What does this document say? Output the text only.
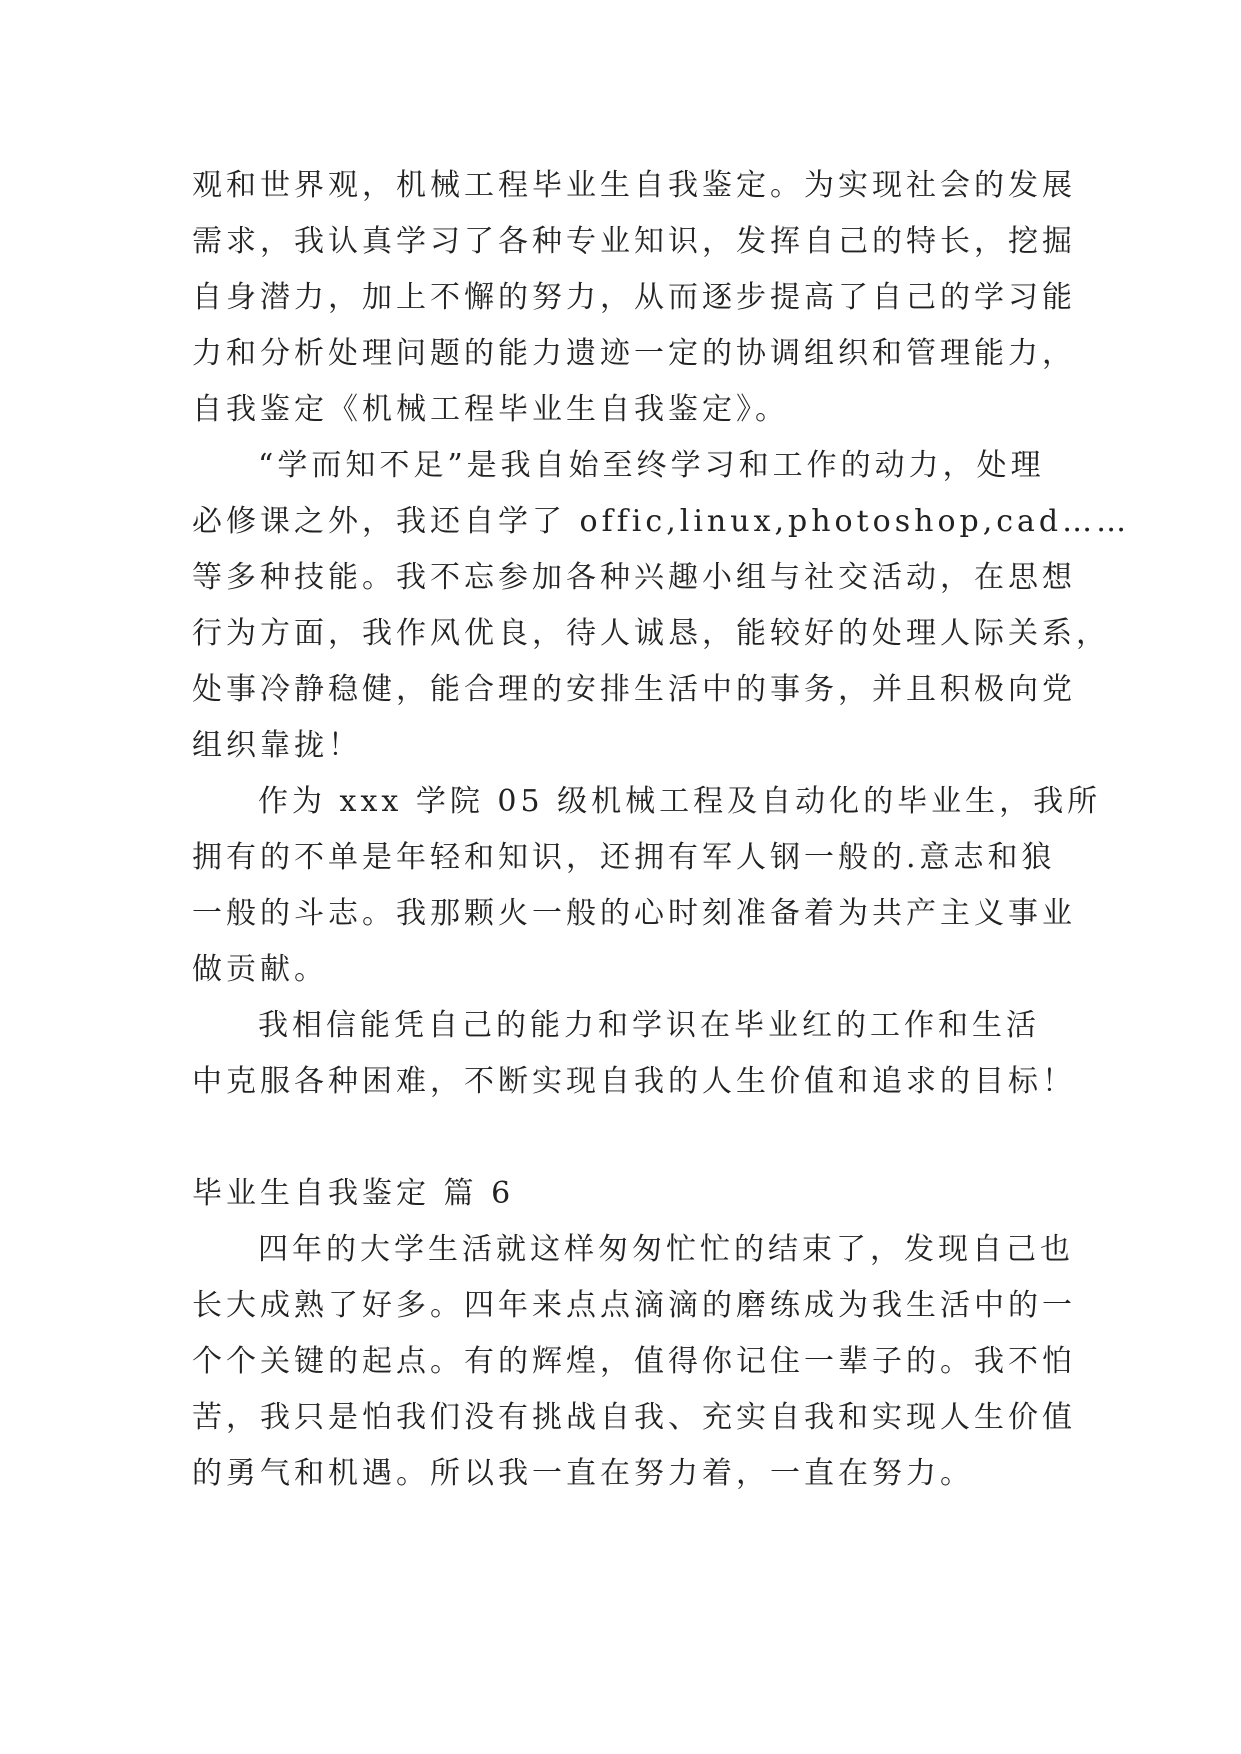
观和世界观，机械工程毕业生自我鉴定。为实现社会的发展
需求，我认真学习了各种专业知识，发挥自己的特长，挖掘
自身潜力，加上不懈的努力，从而逐步提高了自己的学习能
力和分析处理问题的能力遗迹一定的协调组织和管理能力，
自我鉴定《机械工程毕业生自我鉴定》。
“学而知不足”是我自始至终学习和工作的动力，处理
必修课之外，我还自学了 offic,linux,photoshop,cad……
等多种技能。我不忘参加各种兴趣小组与社交活动，在思想
行为方面，我作风优良，待人诚恳，能较好的处理人际关系，
处事冷静稳健，能合理的安排生活中的事务，并且积极向党
组织靠拢！
作为 xxx 学院 05 级机械工程及自动化的毕业生，我所
拥有的不单是年轻和知识，还拥有军人钢一般的.意志和狼
一般的斗志。我那颗火一般的心时刻准备着为共产主义事业
做贡献。
我相信能凭自己的能力和学识在毕业红的工作和生活
中克服各种困难，不断实现自我的人生价值和追求的目标！
毕业生自我鉴定 篇 6
四年的大学生活就这样匆匆忙忙的结束了，发现自己也
长大成熟了好多。四年来点点滴滴的磨练成为我生活中的一
个个关键的起点。有的辉煌，值得你记住一辈子的。我不怕
苦，我只是怕我们没有挑战自我、充实自我和实现人生价值
的勇气和机遇。所以我一直在努力着，一直在努力。
